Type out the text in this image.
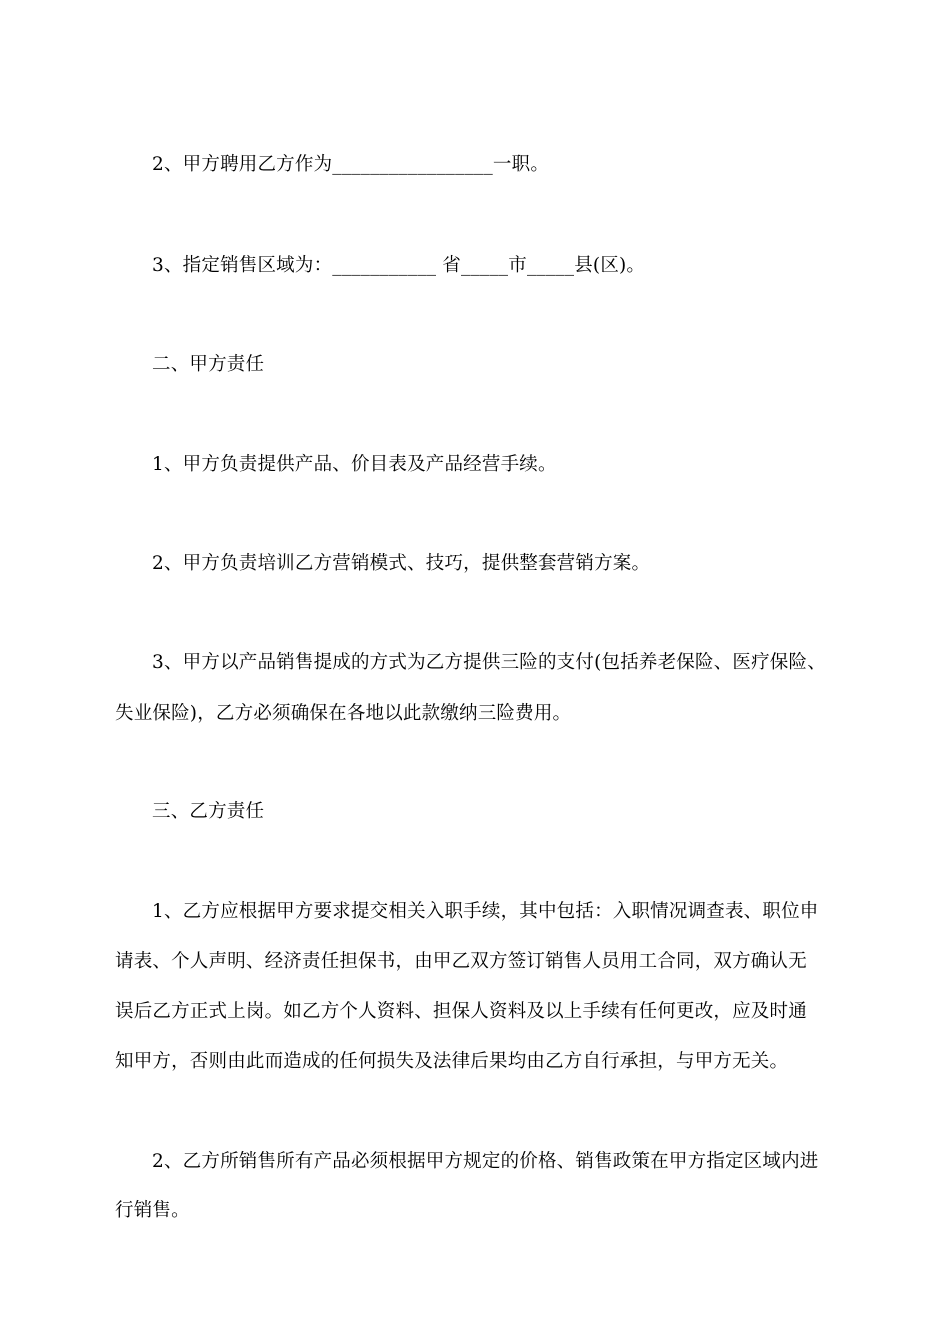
2、甲方聘用乙方作为_________________一职。
3、指定销售区域为：___________ 省_____市_____县(区)。
二、甲方责任
1、甲方负责提供产品、价目表及产品经营手续。
2、甲方负责培训乙方营销模式、技巧，提供整套营销方案。
3、甲方以产品销售提成的方式为乙方提供三险的支付(包括养老保险、医疗保险、
失业保险)，乙方必须确保在各地以此款缴纳三险费用。
三、乙方责任
1、乙方应根据甲方要求提交相关入职手续，其中包括：入职情况调查表、职位申
请表、个人声明、经济责任担保书，由甲乙双方签订销售人员用工合同，双方确认无
误后乙方正式上岗。如乙方个人资料、担保人资料及以上手续有任何更改，应及时通
知甲方，否则由此而造成的任何损失及法律后果均由乙方自行承担，与甲方无关。
2、乙方所销售所有产品必须根据甲方规定的价格、销售政策在甲方指定区域内进
行销售。
